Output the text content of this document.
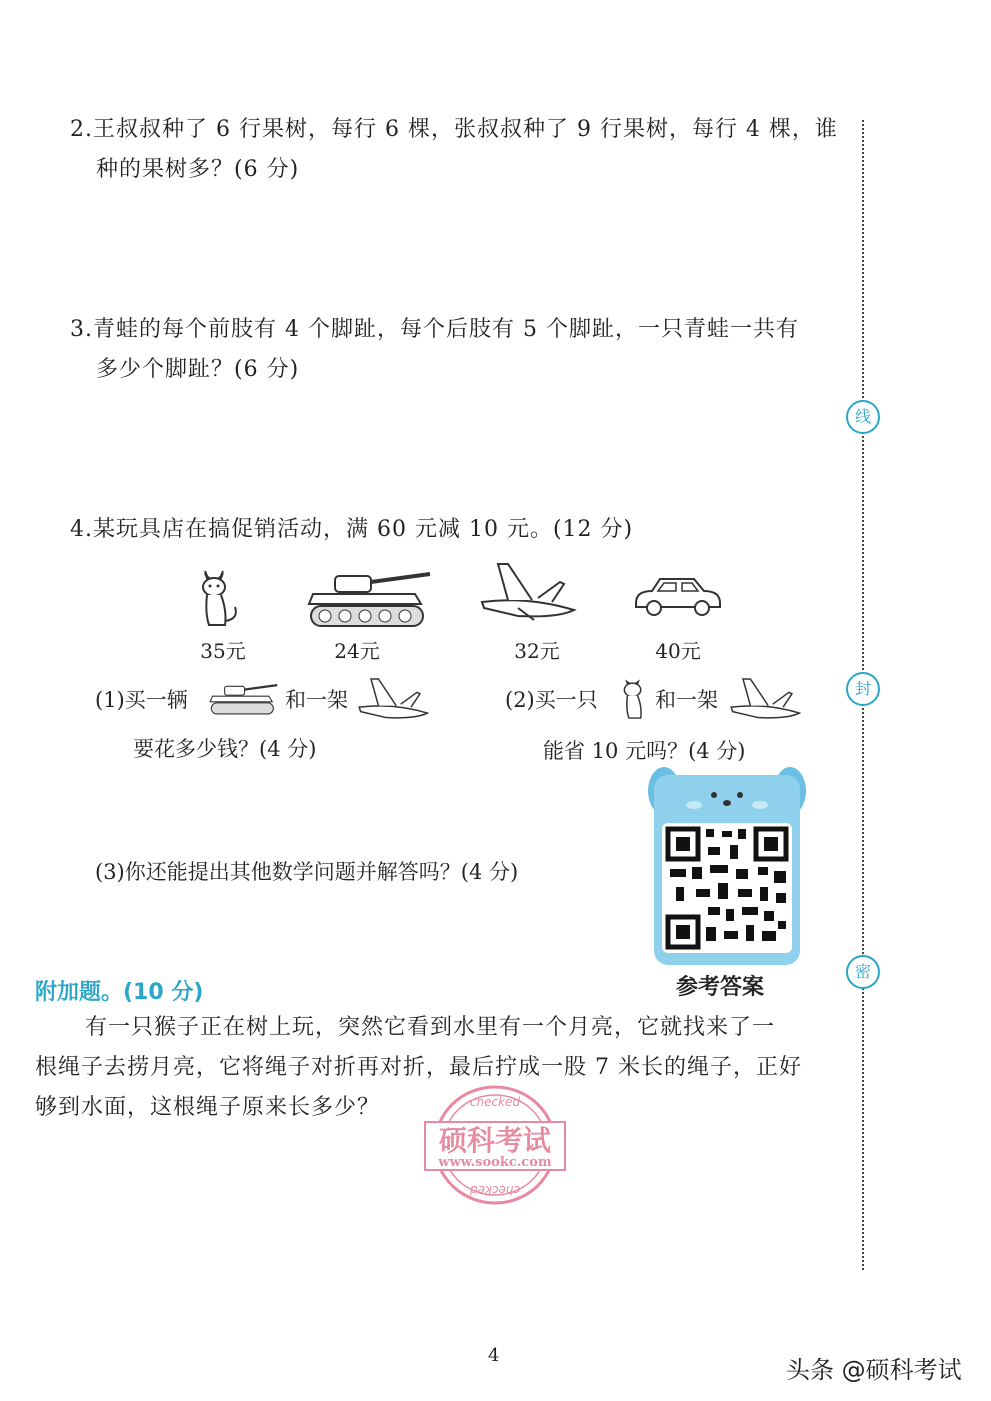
2.王叔叔种了 6 行果树，每行 6 棵，张叔叔种了 9 行果树，每行 4 棵，谁
种的果树多？(6 分)
3.青蛙的每个前肢有 4 个脚趾，每个后肢有 5 个脚趾，一只青蛙一共有
多少个脚趾？(6 分)
4.某玩具店在搞促销活动，满 60 元减 10 元。(12 分)
35元	24元	32元	40元
(1)买一辆	和一架
要花多少钱？(4 分)
(2)买一只	和一架
能省 10 元吗？(4 分)
(3)你还能提出其他数学问题并解答吗？(4 分)
参考答案
附加题。(10 分)
有一只猴子正在树上玩，突然它看到水里有一个月亮，它就找来了一
根绳子去捞月亮，它将绳子对折再对折，最后拧成一股 7 米长的绳子，正好
够到水面，这根绳子原来长多少？	checked
checked
硕科考试
www.sookc.com
线
封
密
4
头条 @硕科考试
